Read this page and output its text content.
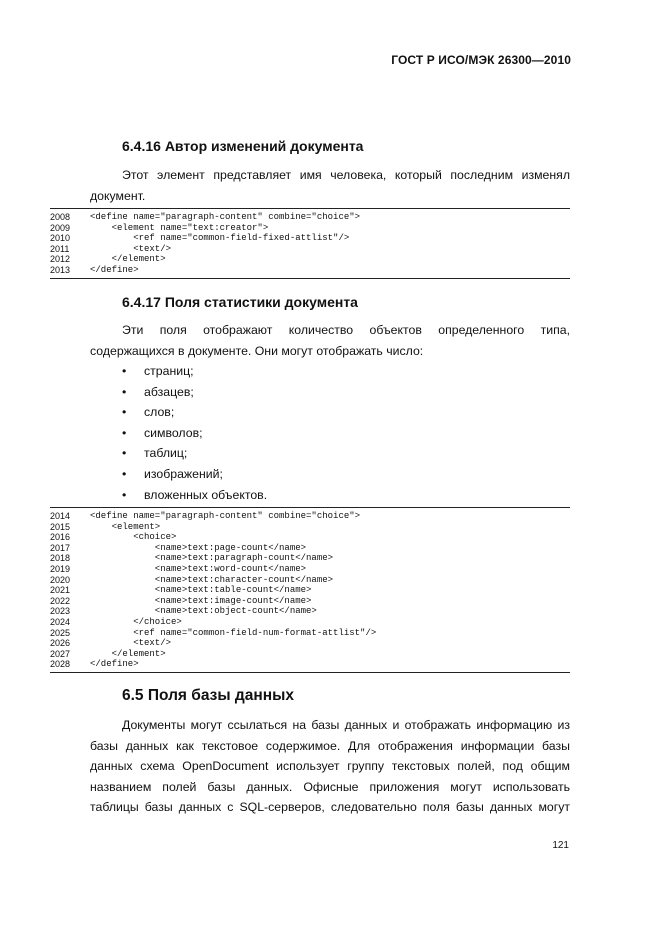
ГОСТ Р ИСО/МЭК 26300—2010
6.4.16 Автор изменений документа
Этот элемент представляет имя человека, который последним изменял
документ.
2008	<define name="paragraph-content" combine="choice">
2009	<element name="text:creator">
2010	<ref name="common-field-fixed-attlist"/>
2011	<text/>
2012	</element>
2013	</define>
6.4.17 Поля статистики документа
Эти поля отображают количество объектов определенного типа,
содержащихся в документе. Они могут отображать число:
•	страниц;
•	абзацев;
•	слов;
•	символов;
•	таблиц;
•	изображений;
•	вложенных объектов.
2014	<define name="paragraph-content" combine="choice">
2015	<element>
2016	<choice>
2017	<name>text:page-count</name>
2018	<name>text:paragraph-count</name>
2019	<name>text:word-count</name>
2020	<name>text:character-count</name>
2021	<name>text:table-count</name>
2022	<name>text:image-count</name>
2023	<name>text:object-count</name>
2024	</choice>
2025	<ref name="common-field-num-format-attlist"/>
2026	<text/>
2027	</element>
2028	</define>
6.5 Поля базы данных
Документы могут ссылаться на базы данных и отображать информацию из
базы данных как текстовое содержимое. Для отображения информации базы
данных схема OpenDocument использует группу текстовых полей, под общим
названием полей базы данных. Офисные приложения могут использовать
таблицы базы данных с SQL-серверов, следовательно поля базы данных могут
121
